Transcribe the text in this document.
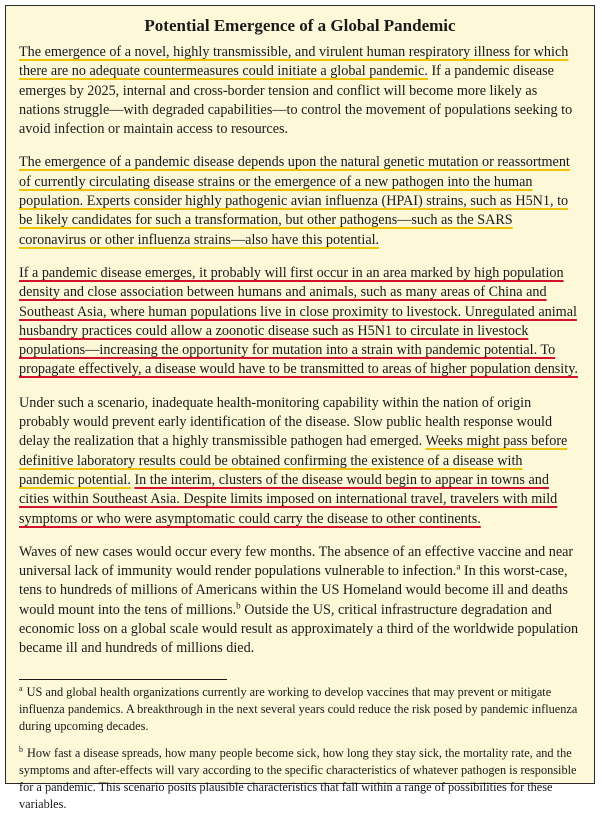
Potential Emergence of a Global Pandemic

The emergence of a novel, highly transmissible, and virulent human respiratory illness for which there are no adequate countermeasures could initiate a global pandemic. If a pandemic disease emerges by 2025, internal and cross-border tension and conflict will become more likely as nations struggle—with degraded capabilities—to control the movement of populations seeking to avoid infection or maintain access to resources.

The emergence of a pandemic disease depends upon the natural genetic mutation or reassortment of currently circulating disease strains or the emergence of a new pathogen into the human population. Experts consider highly pathogenic avian influenza (HPAI) strains, such as H5N1, to be likely candidates for such a transformation, but other pathogens—such as the SARS coronavirus or other influenza strains—also have this potential.

If a pandemic disease emerges, it probably will first occur in an area marked by high population density and close association between humans and animals, such as many areas of China and Southeast Asia, where human populations live in close proximity to livestock. Unregulated animal husbandry practices could allow a zoonotic disease such as H5N1 to circulate in livestock populations—increasing the opportunity for mutation into a strain with pandemic potential. To propagate effectively, a disease would have to be transmitted to areas of higher population density.

Under such a scenario, inadequate health-monitoring capability within the nation of origin probably would prevent early identification of the disease. Slow public health response would delay the realization that a highly transmissible pathogen had emerged. Weeks might pass before definitive laboratory results could be obtained confirming the existence of a disease with pandemic potential. In the interim, clusters of the disease would begin to appear in towns and cities within Southeast Asia. Despite limits imposed on international travel, travelers with mild symptoms or who were asymptomatic could carry the disease to other continents.

Waves of new cases would occur every few months. The absence of an effective vaccine and near universal lack of immunity would render populations vulnerable to infection.$^a$ In this worst-case, tens to hundreds of millions of Americans within the US Homeland would become ill and deaths would mount into the tens of millions.$^b$ Outside the US, critical infrastructure degradation and economic loss on a global scale would result as approximately a third of the worldwide population became ill and hundreds of millions died.

$^a$ US and global health organizations currently are working to develop vaccines that may prevent or mitigate influenza pandemics. A breakthrough in the next several years could reduce the risk posed by pandemic influenza during upcoming decades.

$^b$ How fast a disease spreads, how many people become sick, how long they stay sick, the mortality rate, and the symptoms and after-effects will vary according to the specific characteristics of whatever pathogen is responsible for a pandemic. This scenario posits plausible characteristics that fall within a range of possibilities for these variables.
